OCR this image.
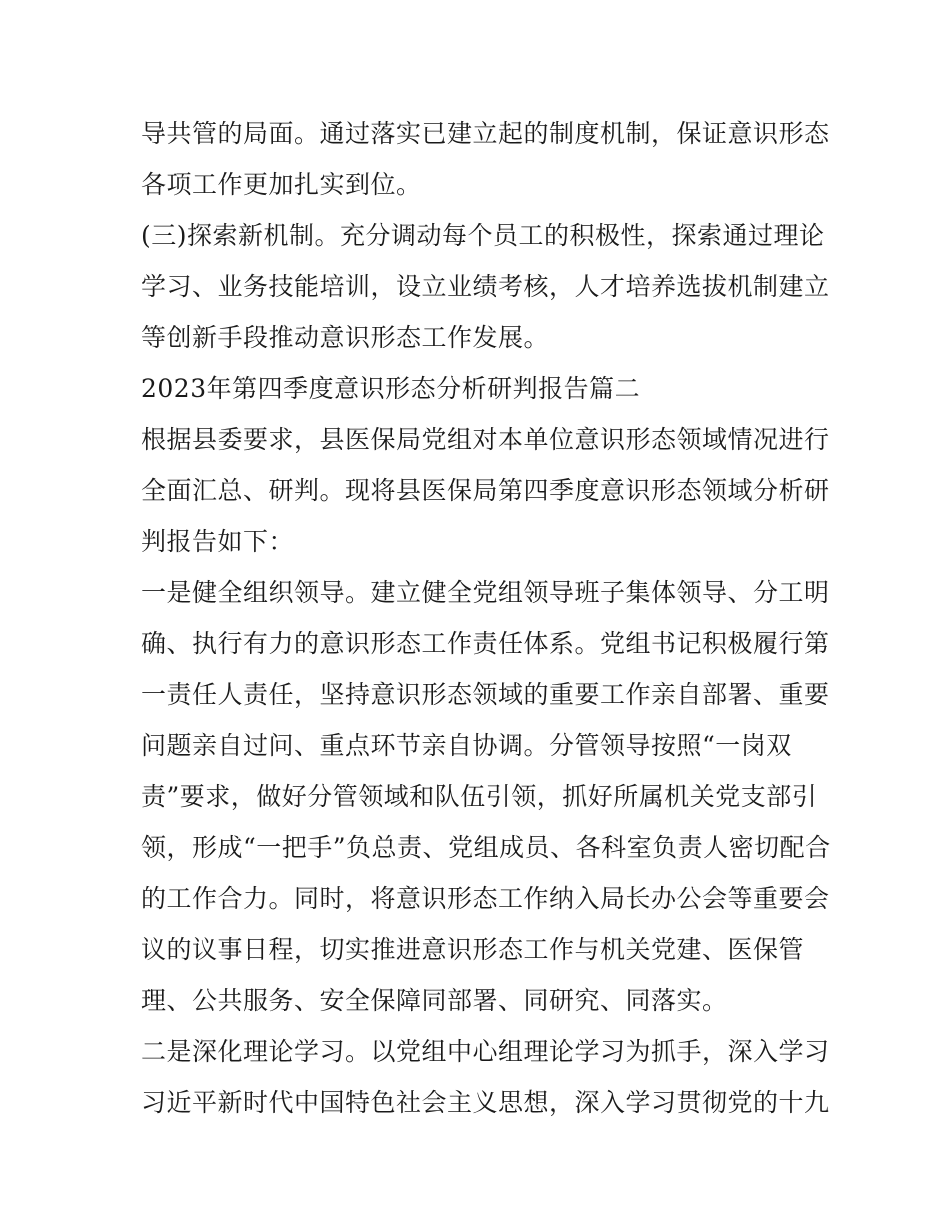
导共管的局面。通过落实已建立起的制度机制，保证意识形态
各项工作更加扎实到位。
(三)探索新机制。充分调动每个员工的积极性，探索通过理论
学习、业务技能培训，设立业绩考核，人才培养选拔机制建立
等创新手段推动意识形态工作发展。
2023年第四季度意识形态分析研判报告篇二
根据县委要求，县医保局党组对本单位意识形态领域情况进行
全面汇总、研判。现将县医保局第四季度意识形态领域分析研
判报告如下：
一是健全组织领导。建立健全党组领导班子集体领导、分工明
确、执行有力的意识形态工作责任体系。党组书记积极履行第
一责任人责任，坚持意识形态领域的重要工作亲自部署、重要
问题亲自过问、重点环节亲自协调。分管领导按照“一岗双
责”要求，做好分管领域和队伍引领，抓好所属机关党支部引
领，形成“一把手”负总责、党组成员、各科室负责人密切配合
的工作合力。同时，将意识形态工作纳入局长办公会等重要会
议的议事日程，切实推进意识形态工作与机关党建、医保管
理、公共服务、安全保障同部署、同研究、同落实。
二是深化理论学习。以党组中心组理论学习为抓手，深入学习
习近平新时代中国特色社会主义思想，深入学习贯彻党的十九
